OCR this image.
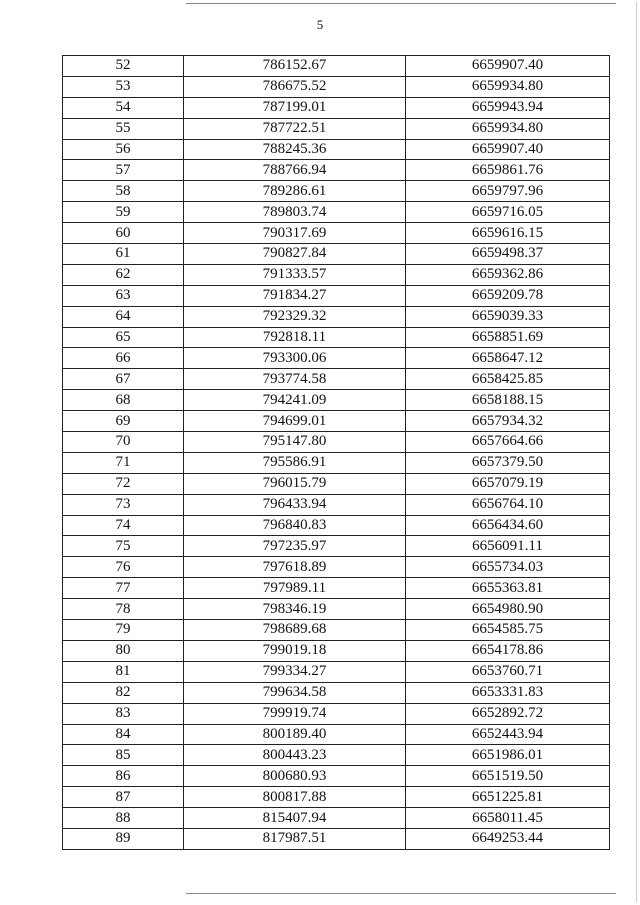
5
52	786152.67	6659907.40
53	786675.52	6659934.80
54	787199.01	6659943.94
55	787722.51	6659934.80
56	788245.36	6659907.40
57	788766.94	6659861.76
58	789286.61	6659797.96
59	789803.74	6659716.05
60	790317.69	6659616.15
61	790827.84	6659498.37
62	791333.57	6659362.86
63	791834.27	6659209.78
64	792329.32	6659039.33
65	792818.11	6658851.69
66	793300.06	6658647.12
67	793774.58	6658425.85
68	794241.09	6658188.15
69	794699.01	6657934.32
70	795147.80	6657664.66
71	795586.91	6657379.50
72	796015.79	6657079.19
73	796433.94	6656764.10
74	796840.83	6656434.60
75	797235.97	6656091.11
76	797618.89	6655734.03
77	797989.11	6655363.81
78	798346.19	6654980.90
79	798689.68	6654585.75
80	799019.18	6654178.86
81	799334.27	6653760.71
82	799634.58	6653331.83
83	799919.74	6652892.72
84	800189.40	6652443.94
85	800443.23	6651986.01
86	800680.93	6651519.50
87	800817.88	6651225.81
88	815407.94	6658011.45
89	817987.51	6649253.44
